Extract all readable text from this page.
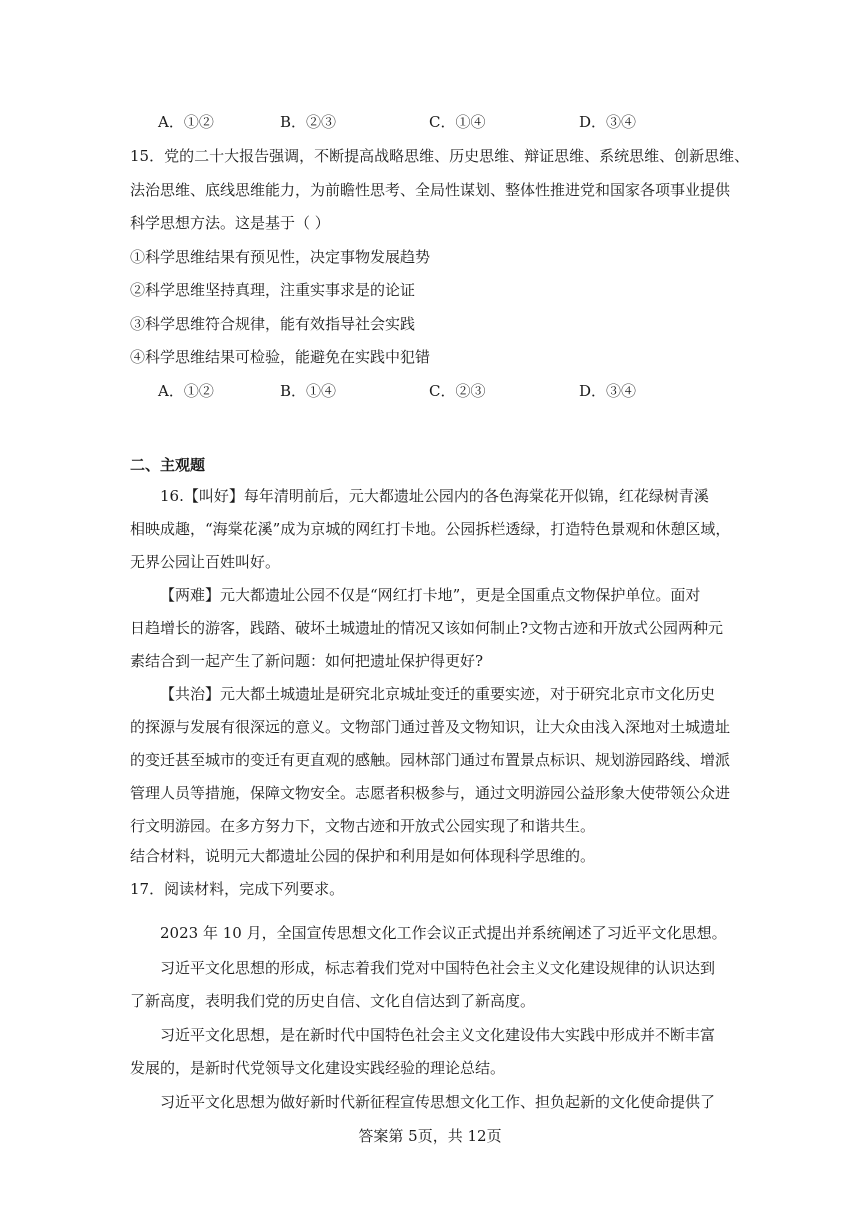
A．①②	B．②③	C．①④	D．③④
15．党的二十大报告强调，不断提高战略思维、历史思维、辩证思维、系统思维、创新思维、
法治思维、底线思维能力，为前瞻性思考、全局性谋划、整体性推进党和国家各项事业提供
科学思想方法。这是基于（ ）
①科学思维结果有预见性，决定事物发展趋势
②科学思维坚持真理，注重实事求是的论证
③科学思维符合规律，能有效指导社会实践
④科学思维结果可检验，能避免在实践中犯错
A．①②	B．①④	C．②③	D．③④
二、主观题
16.【叫好】每年清明前后，元大都遗址公园内的各色海棠花开似锦，红花绿树青溪
相映成趣，“海棠花溪”成为京城的网红打卡地。公园拆栏透绿，打造特色景观和休憩区域，
无界公园让百姓叫好。
【两难】元大都遗址公园不仅是“网红打卡地”，更是全国重点文物保护单位。面对
日趋增长的游客，践踏、破坏土城遗址的情况又该如何制止?文物古迹和开放式公园两种元
素结合到一起产生了新问题：如何把遗址保护得更好?
【共治】元大都土城遗址是研究北京城址变迁的重要实迹，对于研究北京市文化历史
的探源与发展有很深远的意义。文物部门通过普及文物知识，让大众由浅入深地对土城遗址
的变迁甚至城市的变迁有更直观的感触。园林部门通过布置景点标识、规划游园路线、增派
管理人员等措施，保障文物安全。志愿者积极参与，通过文明游园公益形象大使带领公众进
行文明游园。在多方努力下，文物古迹和开放式公园实现了和谐共生。
结合材料，说明元大都遗址公园的保护和利用是如何体现科学思维的。
17．阅读材料，完成下列要求。
2023 年 10 月，全国宣传思想文化工作会议正式提出并系统阐述了习近平文化思想。
习近平文化思想的形成，标志着我们党对中国特色社会主义文化建设规律的认识达到
了新高度，表明我们党的历史自信、文化自信达到了新高度。
习近平文化思想，是在新时代中国特色社会主义文化建设伟大实践中形成并不断丰富
发展的，是新时代党领导文化建设实践经验的理论总结。
习近平文化思想为做好新时代新征程宣传思想文化工作、担负起新的文化使命提供了
答案第 5页，共 12页
